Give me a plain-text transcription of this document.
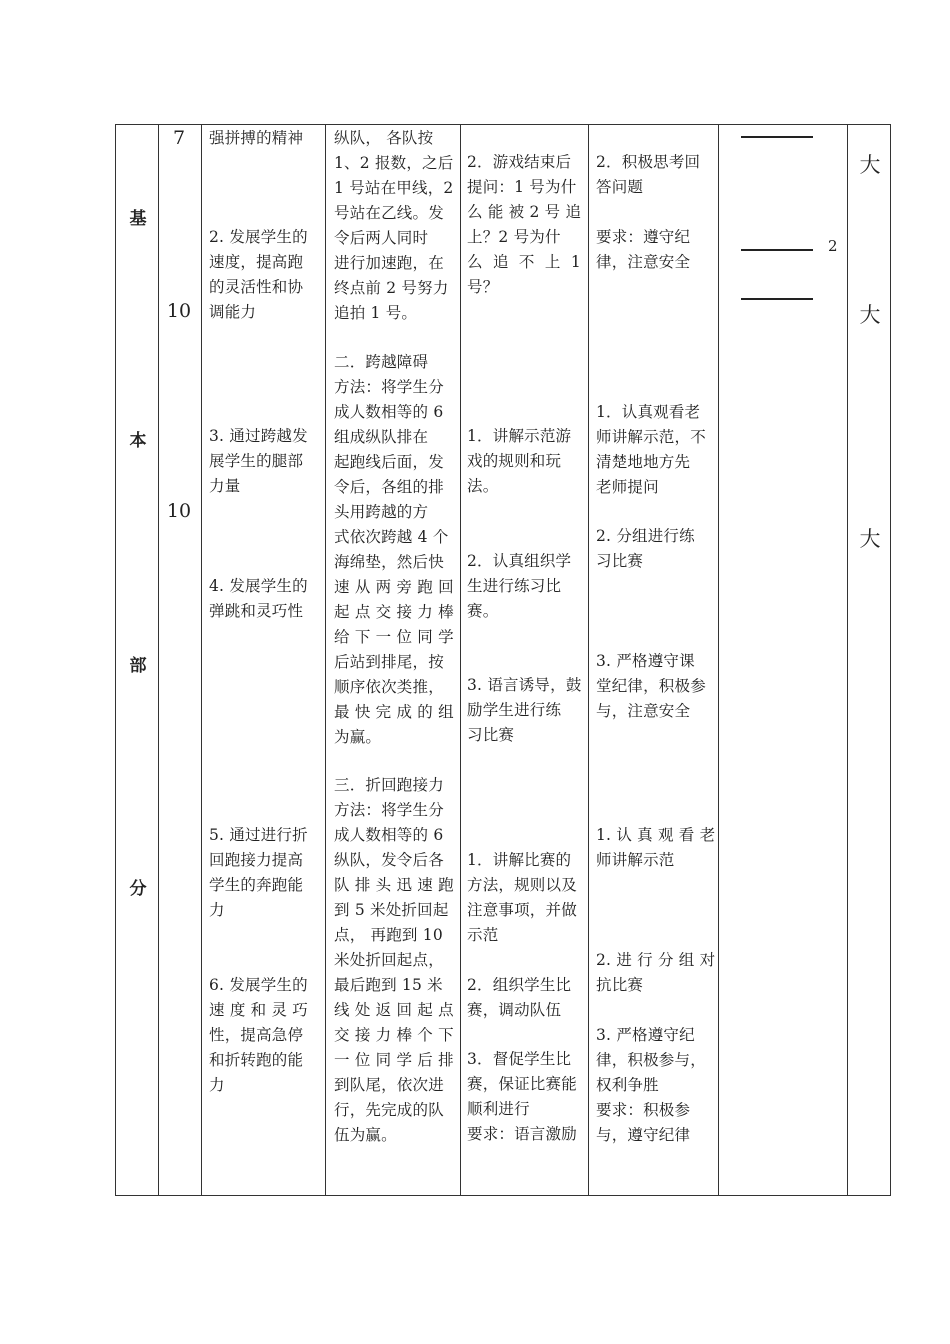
基
本
部
分
7
10
10
强拼搏的精神
2. 发展学生的
速度，提高跑
的灵活性和协
调能力
3. 通过跨越发
展学生的腿部
力量
4. 发展学生的
弹跳和灵巧性
5. 通过进行折
回跑接力提高
学生的奔跑能
力
6. 发展学生的
速 度 和 灵 巧
性，提高急停
和折转跑的能
力
纵队， 各队按
1、2 报数，之后
1 号站在甲线，2
号站在乙线。发
令后两人同时
进行加速跑，在
终点前 2 号努力
追拍 1 号。
二．跨越障碍
方法：将学生分
成人数相等的 6
组成纵队排在
起跑线后面，发
令后，各组的排
头用跨越的方
式依次跨越 4 个
海绵垫，然后快
速 从 两 旁 跑 回
起 点 交 接 力 棒
给 下 一 位 同 学
后站到排尾，按
顺序依次类推，
最 快 完 成 的 组
为赢。
三．折回跑接力
方法：将学生分
成人数相等的 6
纵队，发令后各
队 排 头 迅 速 跑
到 5 米处折回起
点， 再跑到 10
米处折回起点，
最后跑到 15 米
线 处 返 回 起 点
交 接 力 棒 个 下
一 位 同 学 后 排
到队尾，依次进
行，先完成的队
伍为赢。
2．游戏结束后
提问：1 号为什
么 能 被 2 号 追
上？2 号为什
么  追  不  上  1
号？
1．讲解示范游
戏的规则和玩
法。
2．认真组织学
生进行练习比
赛。
3. 语言诱导，鼓
励学生进行练
习比赛
1．讲解比赛的
方法，规则以及
注意事项，并做
示范
2．组织学生比
赛，调动队伍
3．督促学生比
赛，保证比赛能
顺利进行
要求：语言激励
2．积极思考回
答问题
要求：遵守纪
律，注意安全
1．认真观看老
师讲解示范，不
清楚地地方先
老师提问
2. 分组进行练
习比赛
3. 严格遵守课
堂纪律，积极参
与，注意安全
1. 认 真 观 看 老
师讲解示范
2. 进 行 分 组 对
抗比赛
3. 严格遵守纪
律，积极参与，
权利争胜
要求：积极参
与，遵守纪律
2
大
大
大
